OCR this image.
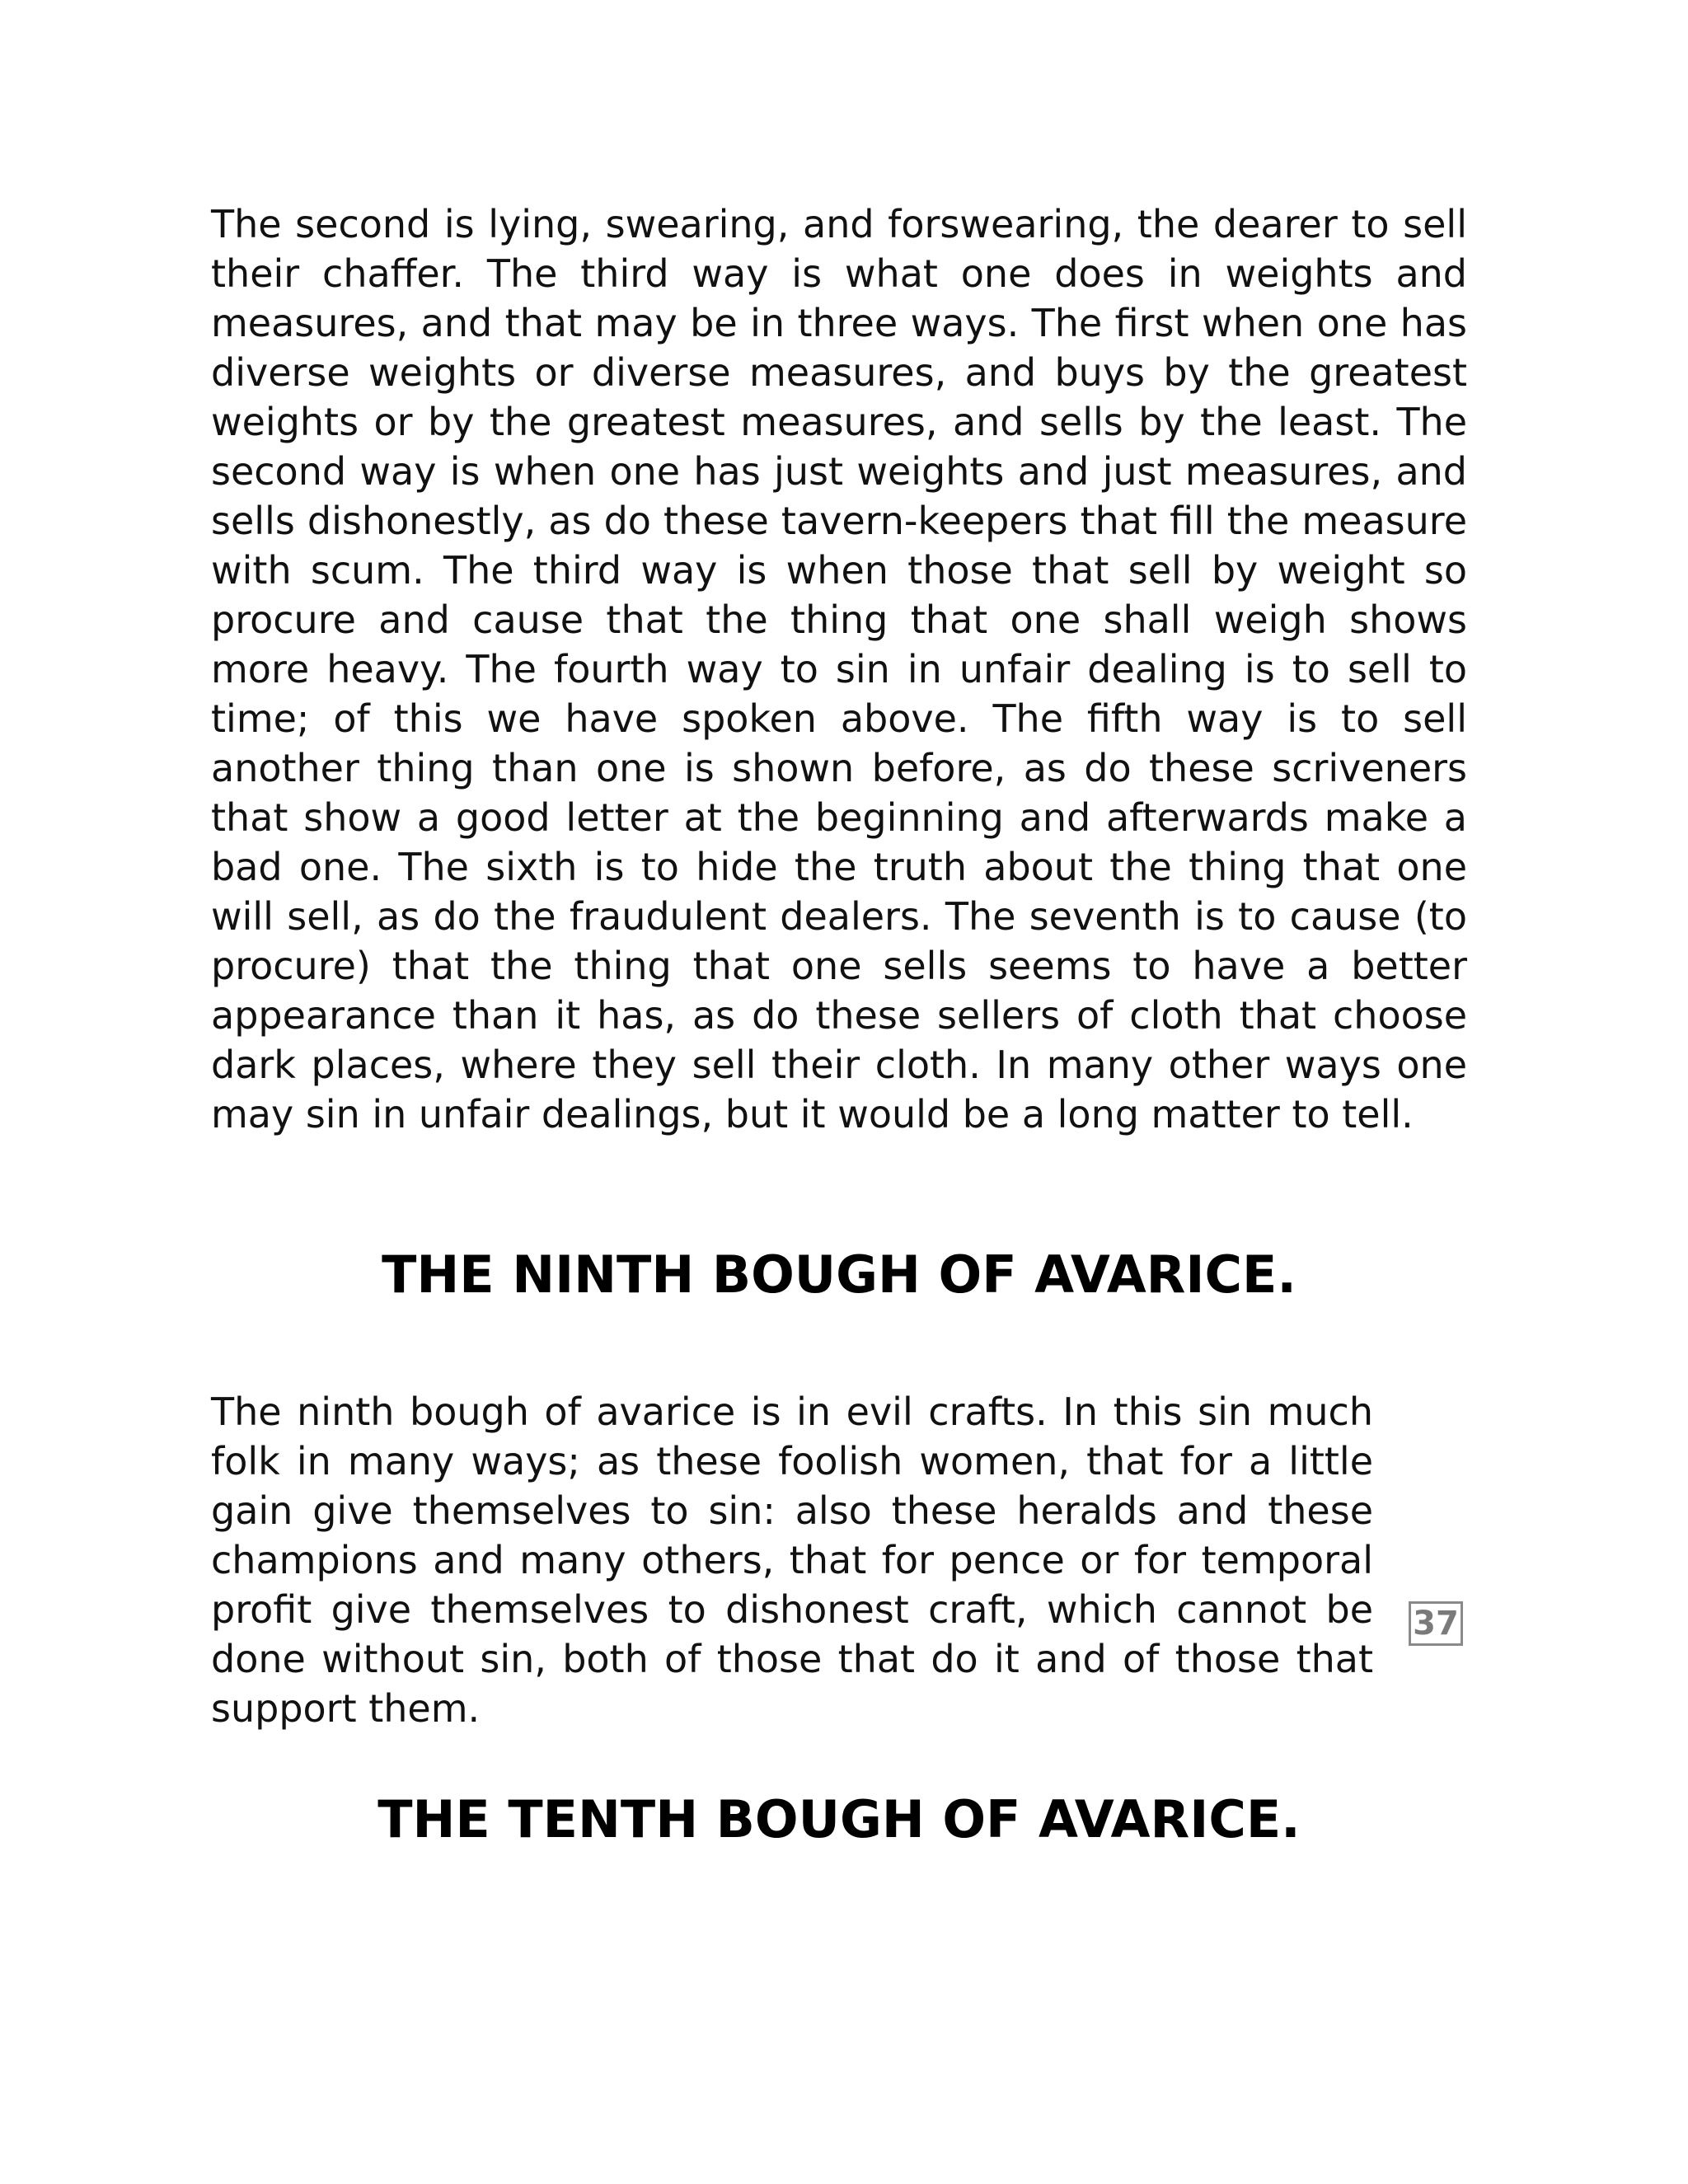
The second is lying, swearing, and forswearing, the dearer to sell their chaffer. The third way is what one does in weights and measures, and that may be in three ways. The first when one has diverse weights or diverse measures, and buys by the greatest weights or by the greatest measures, and sells by the least. The second way is when one has just weights and just measures, and sells dishonestly, as do these tavern-keepers that fill the measure with scum. The third way is when those that sell by weight so procure and cause that the thing that one shall weigh shows more heavy. The fourth way to sin in unfair dealing is to sell to time; of this we have spoken above. The fifth way is to sell another thing than one is shown before, as do these scriveners that show a good letter at the beginning and afterwards make a bad one. The sixth is to hide the truth about the thing that one will sell, as do the fraudulent dealers. The seventh is to cause (to procure) that the thing that one sells seems to have a better appearance than it has, as do these sellers of cloth that choose dark places, where they sell their cloth. In many other ways one may sin in unfair dealings, but it would be a long matter to tell.

THE NINTH BOUGH OF AVARICE.

The ninth bough of avarice is in evil crafts. In this sin much folk in many ways; as these foolish women, that for a little gain give themselves to sin: also these heralds and these champions and many others, that for pence or for temporal profit give themselves to dishonest craft, which cannot be done without sin, both of those that do it and of those that support them.

37
THE TENTH BOUGH OF AVARICE.
